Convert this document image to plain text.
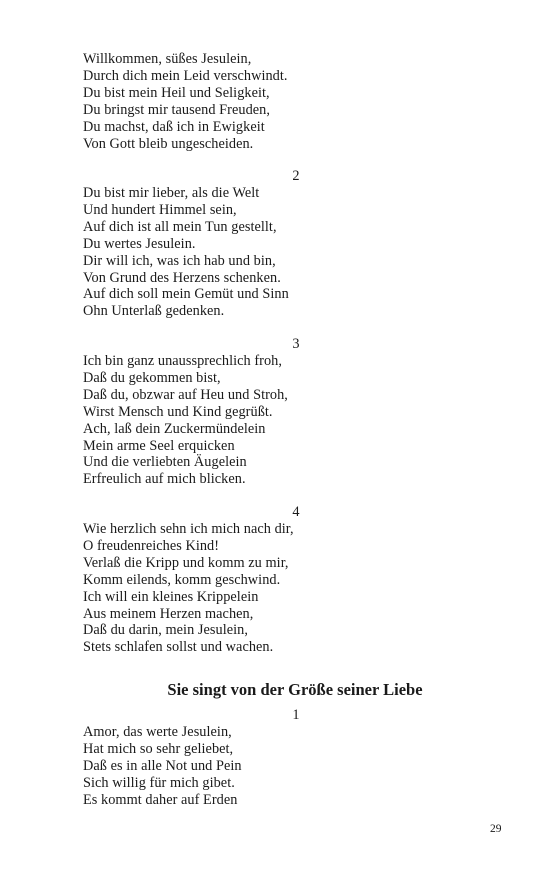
Willkommen, süßes Jesulein,
Durch dich mein Leid verschwindt.
Du bist mein Heil und Seligkeit,
Du bringst mir tausend Freuden,
Du machst, daß ich in Ewigkeit
Von Gott bleib ungescheiden.
2
Du bist mir lieber, als die Welt
Und hundert Himmel sein,
Auf dich ist all mein Tun gestellt,
Du wertes Jesulein.
Dir will ich, was ich hab und bin,
Von Grund des Herzens schenken.
Auf dich soll mein Gemüt und Sinn
Ohn Unterlaß gedenken.
3
Ich bin ganz unaussprechlich froh,
Daß du gekommen bist,
Daß du, obzwar auf Heu und Stroh,
Wirst Mensch und Kind gegrüßt.
Ach, laß dein Zuckermündelein
Mein arme Seel erquicken
Und die verliebten Äugelein
Erfreulich auf mich blicken.
4
Wie herzlich sehn ich mich nach dir,
O freudenreiches Kind!
Verlaß die Kripp und komm zu mir,
Komm eilends, komm geschwind.
Ich will ein kleines Krippelein
Aus meinem Herzen machen,
Daß du darin, mein Jesulein,
Stets schlafen sollst und wachen.
Sie singt von der Größe seiner Liebe
1
Amor, das werte Jesulein,
Hat mich so sehr geliebet,
Daß es in alle Not und Pein
Sich willig für mich gibet.
Es kommt daher auf Erden
29
